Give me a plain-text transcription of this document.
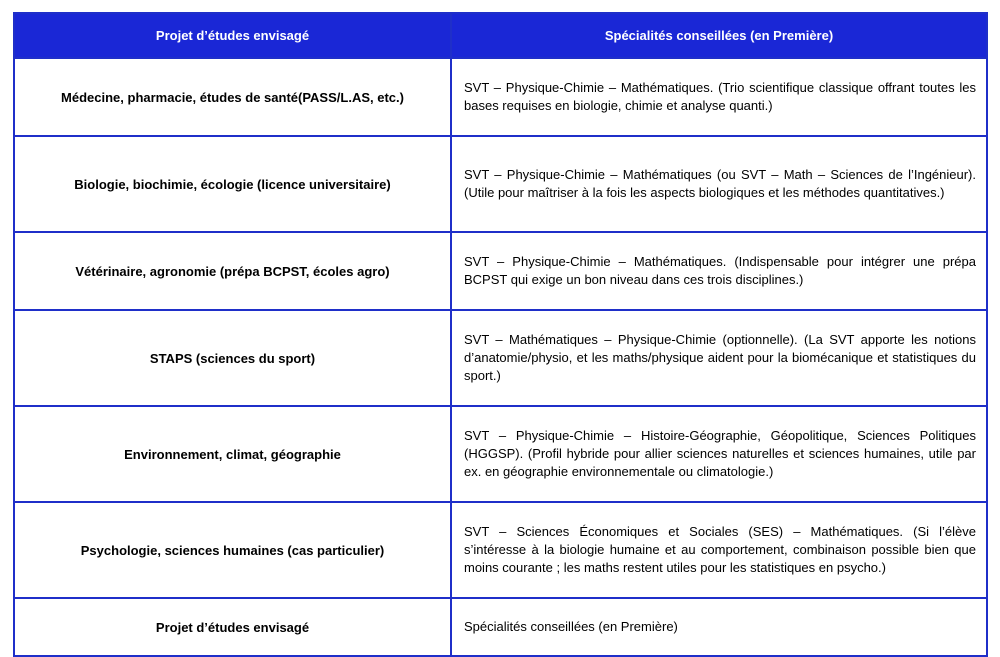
Projet d’études envisagé	Spécialités conseillées (en Première)
Médecine, pharmacie, études de santé(PASS/L.AS, etc.)	SVT – Physique-Chimie – Mathématiques. (Trio scientifique classique offrant toutes les bases requises en biologie, chimie et analyse quanti.)
Biologie, biochimie, écologie (licence universitaire)	SVT – Physique-Chimie – Mathématiques (ou SVT – Math – Sciences de l’Ingénieur). (Utile pour maîtriser à la fois les aspects biologiques et les méthodes quantitatives.)
Vétérinaire, agronomie (prépa BCPST, écoles agro)	SVT – Physique-Chimie – Mathématiques. (Indispensable pour intégrer une prépa BCPST qui exige un bon niveau dans ces trois disciplines.)
STAPS (sciences du sport)	SVT – Mathématiques – Physique-Chimie (optionnelle). (La SVT apporte les notions d’anatomie/physio, et les maths/physique aident pour la biomécanique et statistiques du sport.)
Environnement, climat, géographie	SVT – Physique-Chimie – Histoire-Géographie, Géopolitique, Sciences Politiques (HGGSP). (Profil hybride pour allier sciences naturelles et sciences humaines, utile par ex. en géographie environnementale ou climatologie.)
Psychologie, sciences humaines (cas particulier)	SVT – Sciences Économiques et Sociales (SES) – Mathématiques. (Si l’élève s’intéresse à la biologie humaine et au comportement, combinaison possible bien que moins courante ; les maths restent utiles pour les statistiques en psycho.)
Projet d’études envisagé	Spécialités conseillées (en Première)
